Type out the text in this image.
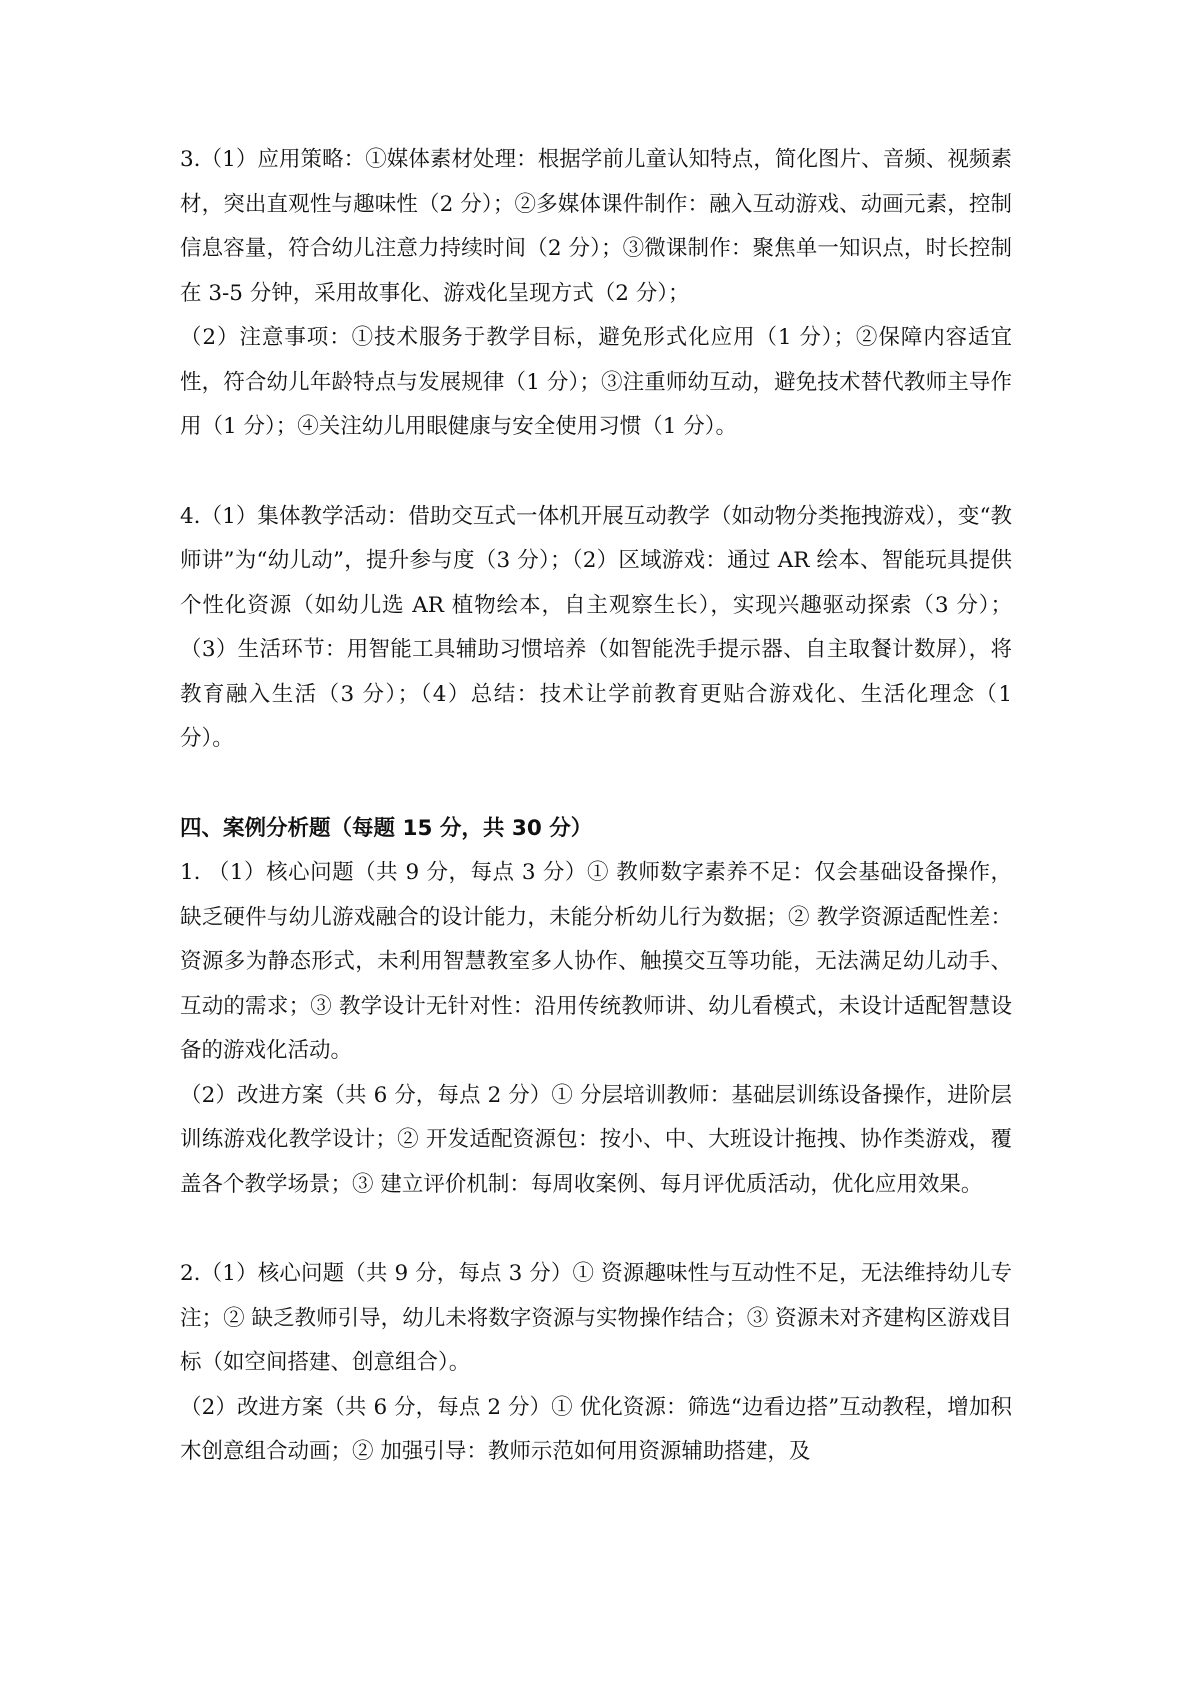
3.（1）应用策略：①媒体素材处理：根据学前儿童认知特点，简化图片、音频、视频素材，突出直观性与趣味性（2 分）；②多媒体课件制作：融入互动游戏、动画元素，控制信息容量，符合幼儿注意力持续时间（2 分）；③微课制作：聚焦单一知识点，时长控制在 3-5 分钟，采用故事化、游戏化呈现方式（2 分）；

（2）注意事项：①技术服务于教学目标，避免形式化应用（1 分）；②保障内容适宜性，符合幼儿年龄特点与发展规律（1 分）；③注重师幼互动，避免技术替代教师主导作用（1 分）；④关注幼儿用眼健康与安全使用习惯（1 分）。

4.（1）集体教学活动：借助交互式一体机开展互动教学（如动物分类拖拽游戏），变“教师讲”为“幼儿动”，提升参与度（3 分）；（2）区域游戏：通过 AR 绘本、智能玩具提供个性化资源（如幼儿选 AR 植物绘本，自主观察生长），实现兴趣驱动探索（3 分）；（3）生活环节：用智能工具辅助习惯培养（如智能洗手提示器、自主取餐计数屏），将教育融入生活（3 分）；（4）总结：技术让学前教育更贴合游戏化、生活化理念（1 分）。

四、案例分析题（每题 15 分，共 30 分）

1. （1）核心问题（共 9 分，每点 3 分）① 教师数字素养不足：仅会基础设备操作，缺乏硬件与幼儿游戏融合的设计能力，未能分析幼儿行为数据；② 教学资源适配性差：资源多为静态形式，未利用智慧教室多人协作、触摸交互等功能，无法满足幼儿动手、互动的需求；③ 教学设计无针对性：沿用传统教师讲、幼儿看模式，未设计适配智慧设备的游戏化活动。

（2）改进方案（共 6 分，每点 2 分）① 分层培训教师：基础层训练设备操作，进阶层训练游戏化教学设计；② 开发适配资源包：按小、中、大班设计拖拽、协作类游戏，覆盖各个教学场景；③ 建立评价机制：每周收案例、每月评优质活动，优化应用效果。

2.（1）核心问题（共 9 分，每点 3 分）① 资源趣味性与互动性不足，无法维持幼儿专注；② 缺乏教师引导，幼儿未将数字资源与实物操作结合；③ 资源未对齐建构区游戏目标（如空间搭建、创意组合）。

（2）改进方案（共 6 分，每点 2 分）① 优化资源：筛选“边看边搭”互动教程，增加积木创意组合动画；② 加强引导：教师示范如何用资源辅助搭建，及
